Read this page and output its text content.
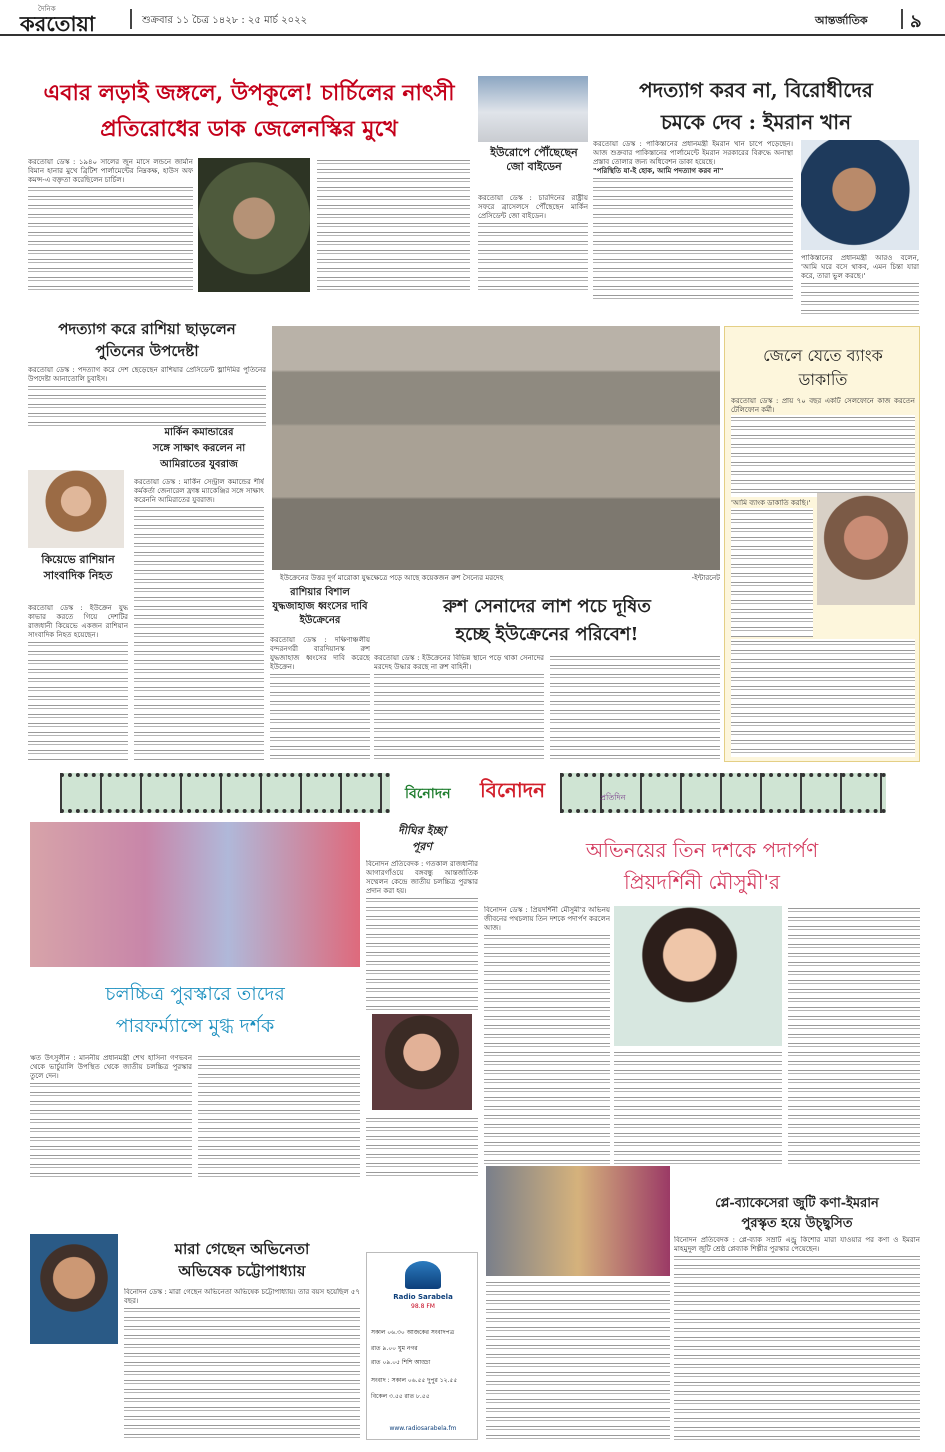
দৈনিক
করতোয়া	শুক্রবার ১১ চৈত্র ১৪২৮ : ২৫ মার্চ ২০২২	আন্তর্জাতিক ৯
এবার লড়াই জঙ্গলে, উপকূলে! চার্চিলের নাৎসী
প্রতিরোধের ডাক জেলেনস্কির মুখে
করতোয়া ডেস্ক : ১৯৪০ সালের জুন মাসে লন্ডনে জার্মান বিমান হানার মুখে ব্রিটিশ পার্লামেন্টের নিম্নকক্ষ, হাউস অফ কমন্স-এ বক্তৃতা করেছিলেন চার্চিল।
ইউরোপে পৌঁছেছেন জো বাইডেন
করতোয়া ডেস্ক : চারদিনের রাষ্ট্রীয় সফরে ব্রাসেলসে পৌঁছেছেন মার্কিন প্রেসিডেন্ট জো বাইডেন।
পদত্যাগ করব না, বিরোধীদের
চমকে দেব : ইমরান খান
করতোয়া ডেস্ক : পাকিস্তানের প্রধানমন্ত্রী ইমরান খান চাপে পড়েছেন। আজ শুক্রবার পাকিস্তানের পার্লামেন্টে ইমরান সরকারের বিরুদ্ধে অনাস্থা প্রস্তাব তোলার জন্য অধিবেশন ডাকা হয়েছে।
"পরিস্থিতি যা-ই হোক, আমি পদত্যাগ করব না"
পাকিস্তানের প্রধানমন্ত্রী আরও বলেন, 'আমি ঘরে বসে থাকব, এমন চিন্তা যারা করে, তারা ভুল করছে।'
পদত্যাগ করে রাশিয়া ছাড়লেন
পুতিনের উপদেষ্টা
করতোয়া ডেস্ক : পদত্যাগ করে দেশ ছেড়েছেন রাশিয়ার প্রেসিডেন্ট ভ্লাদিমির পুতিনের উপদেষ্টা আনাতোলি চুবাইস।
কিয়েভে রাশিয়ান সাংবাদিক নিহত
করতোয়া ডেস্ক : ইউক্রেন যুদ্ধ কাভার করতে গিয়ে দেশটির রাজধানী কিয়েভে একজন রাশিয়ান সাংবাদিক নিহত হয়েছেন।
মার্কিন কমান্ডারের
সঙ্গে সাক্ষাৎ করলেন না
আমিরাতের যুবরাজ
করতোয়া ডেস্ক : মার্কিন সেন্ট্রাল কমান্ডের শীর্ষ কর্মকর্তা জেনারেল ফ্রাঙ্ক ম্যাকেঞ্জির সঙ্গে সাক্ষাৎ করেননি আমিরাতের যুবরাজ।
ইউক্রেনের উত্তর দুর্গ মারোকা যুদ্ধক্ষেত্রে পড়ে আছে কয়েকজন রুশ সৈন্যের মরদেহ	-ইন্টারনেট
রাশিয়ার বিশাল যুদ্ধজাহাজ ধ্বংসের দাবি ইউক্রেনের
করতোয়া ডেস্ক : দক্ষিণাঞ্চলীয় বন্দরনগরী বারদিয়ানস্ক রুশ যুদ্ধজাহাজ ধ্বংসের দাবি করেছে ইউক্রেন।
রুশ সেনাদের লাশ পচে দূষিত
হচ্ছে ইউক্রেনের পরিবেশ!
করতোয়া ডেস্ক : ইউক্রেনের বিভিন্ন স্থানে পড়ে থাকা সেনাদের মরদেহ উদ্ধার করছে না রুশ বাহিনী।
জেলে যেতে ব্যাংক
ডাকাতি
করতোয়া ডেস্ক : প্রায় ৭০ বছর একটি সেলফোনে কাজ করতেন টেলিফোন কর্মী।
'আমি ব্যাংক ডাকাতি করছি।'
বিনোদন বিনোদন	প্রতিদিন
চলচ্চিত্র পুরস্কারে তাদের
পারফর্ম্যান্সে মুগ্ধ দর্শক
ঋত উৎসুলীন : মাননীয় প্রধানমন্ত্রী শেখ হাসিনা গণভবন থেকে ভার্চুয়ালি উপস্থিত থেকে জাতীয় চলচ্চিত্র পুরস্কার তুলে দেন।
দীঘির ইচ্ছা
পূরণ
বিনোদন প্রতিবেদক : গতকাল রাজধানীর আগারগাঁওয়ে বঙ্গবন্ধু আন্তর্জাতিক সম্মেলন কেন্দ্রে জাতীয় চলচ্চিত্র পুরস্কার প্রদান করা হয়।
অভিনয়ের তিন দশকে পদার্পণ
প্রিয়দর্শিনী মৌসুমী'র
বিনোদন ডেস্ক : প্রিয়দর্শিনী মৌসুমী'র অভিনয় জীবনের পথচলায় তিন দশকে পদার্পণ করলেন আজ।
মারা গেছেন অভিনেতা
অভিষেক চট্টোপাধ্যায়
বিনোদন ডেস্ক : মারা গেছেন অভিনেতা অভিষেক চট্টোপাধ্যায়। তার বয়স হয়েছিল ৫৭ বছর।	Radio Sarabela
98.8 FM
সকাল ০৬.৩০ আজকের সংবাদপত্র
রাত ৯.০০ ঘুম নগর
রাত ০৯.০৫ শিশি আড্ডা
সংবাদ : সকাল ০৬.৫৫ দুপুর ১২.৫৫
বিকেল ৩.৫৫ রাত ৮.৫৫
www.radiosarabela.fm
প্লে-ব্যাকেসেরা জুটি কণা-ইমরান
পুরস্কৃত হয়ে উচ্ছ্বসিত
বিনোদন প্রতিবেদক : প্লে-ব্যাক সম্রাট এন্ড্রু কিশোর মারা যাওয়ার পর কণা ও ইমরান মাহমুদুল জুটি শ্রেষ্ঠ প্লেব্যাক শিল্পীর পুরস্কার পেয়েছেন।
